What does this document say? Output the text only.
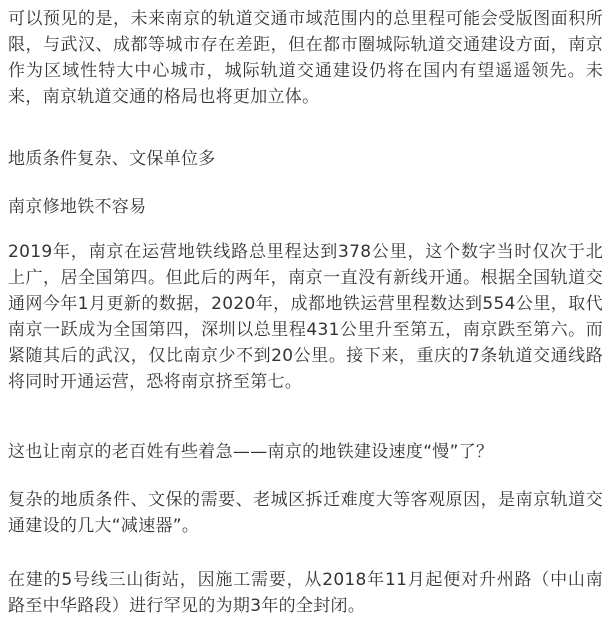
可以预见的是，未来南京的轨道交通市域范围内的总里程可能会受版图面积所限，与武汉、成都等城市存在差距，但在都市圈城际轨道交通建设方面，南京作为区域性特大中心城市，城际轨道交通建设仍将在国内有望遥遥领先。未来，南京轨道交通的格局也将更加立体。

地质条件复杂、文保单位多

南京修地铁不容易

2019年，南京在运营地铁线路总里程达到378公里，这个数字当时仅次于北上广，居全国第四。但此后的两年，南京一直没有新线开通。根据全国轨道交通网今年1月更新的数据，2020年，成都地铁运营里程数达到554公里，取代南京一跃成为全国第四，深圳以总里程431公里升至第五，南京跌至第六。而紧随其后的武汉，仅比南京少不到20公里。接下来，重庆的7条轨道交通线路将同时开通运营，恐将南京挤至第七。

这也让南京的老百姓有些着急——南京的地铁建设速度“慢”了？

复杂的地质条件、文保的需要、老城区拆迁难度大等客观原因，是南京轨道交通建设的几大“减速器”。

在建的5号线三山街站，因施工需要，从2018年11月起便对升州路（中山南路至中华路段）进行罕见的为期3年的全封闭。
